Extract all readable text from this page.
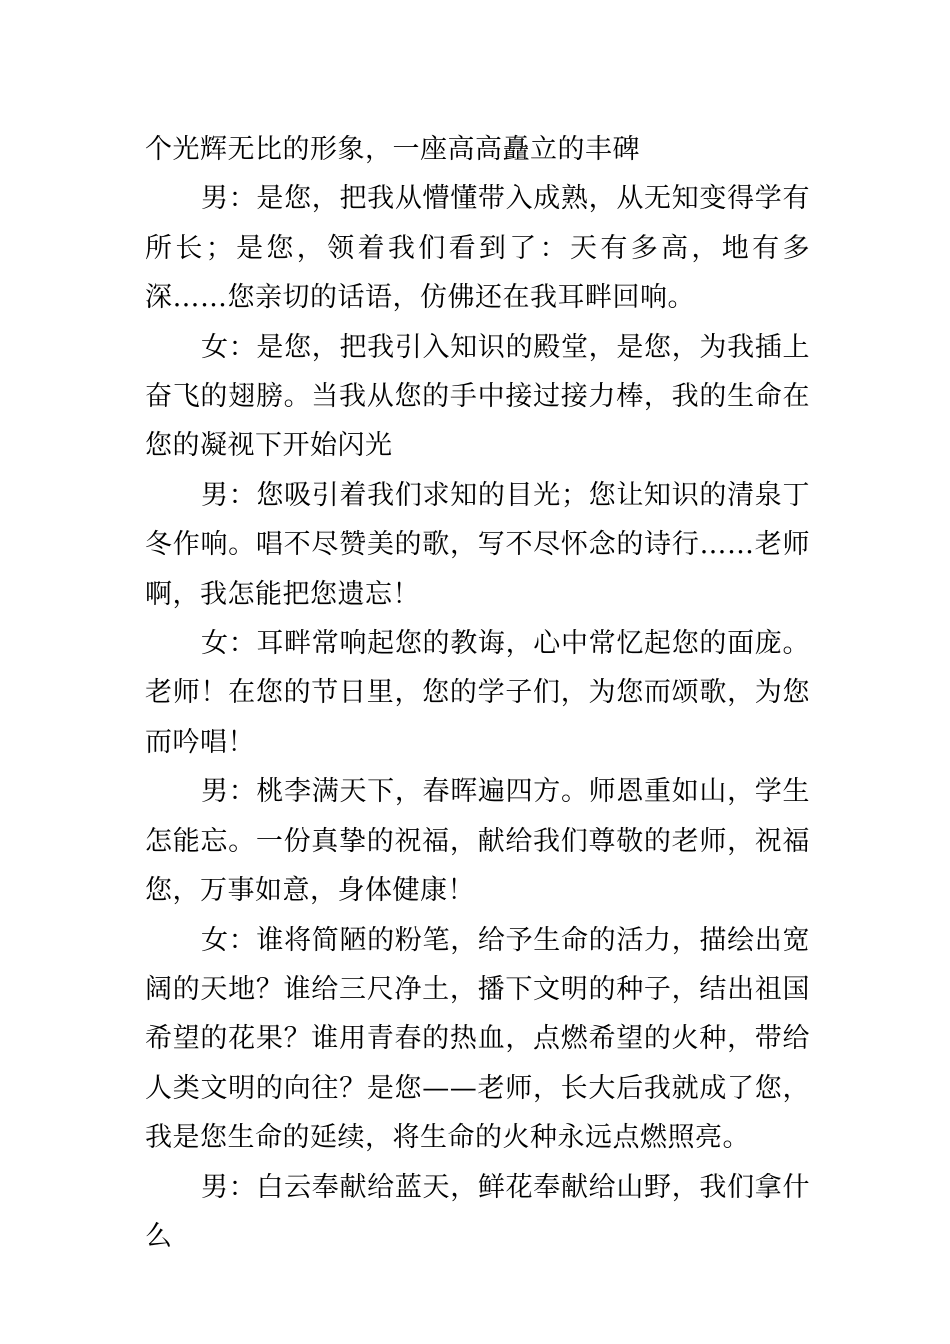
个光辉无比的形象，一座高高矗立的丰碑

男：是您，把我从懵懂带入成熟，从无知变得学有所长；是您，领着我们看到了：天有多高，地有多深……您亲切的话语，仿佛还在我耳畔回响。

女：是您，把我引入知识的殿堂，是您，为我插上奋飞的翅膀。当我从您的手中接过接力棒，我的生命在您的凝视下开始闪光

男：您吸引着我们求知的目光；您让知识的清泉丁冬作响。唱不尽赞美的歌，写不尽怀念的诗行……老师啊，我怎能把您遗忘！

女：耳畔常响起您的教诲，心中常忆起您的面庞。老师！在您的节日里，您的学子们，为您而颂歌，为您而吟唱！

男：桃李满天下，春晖遍四方。师恩重如山，学生怎能忘。一份真挚的祝福，献给我们尊敬的老师，祝福您，万事如意，身体健康！

女：谁将简陋的粉笔，给予生命的活力，描绘出宽阔的天地？谁给三尺净土，播下文明的种子，结出祖国希望的花果？谁用青春的热血，点燃希望的火种，带给人类文明的向往？是您——老师，长大后我就成了您，我是您生命的延续，将生命的火种永远点燃照亮。

男：白云奉献给蓝天，鲜花奉献给山野，我们拿什么
